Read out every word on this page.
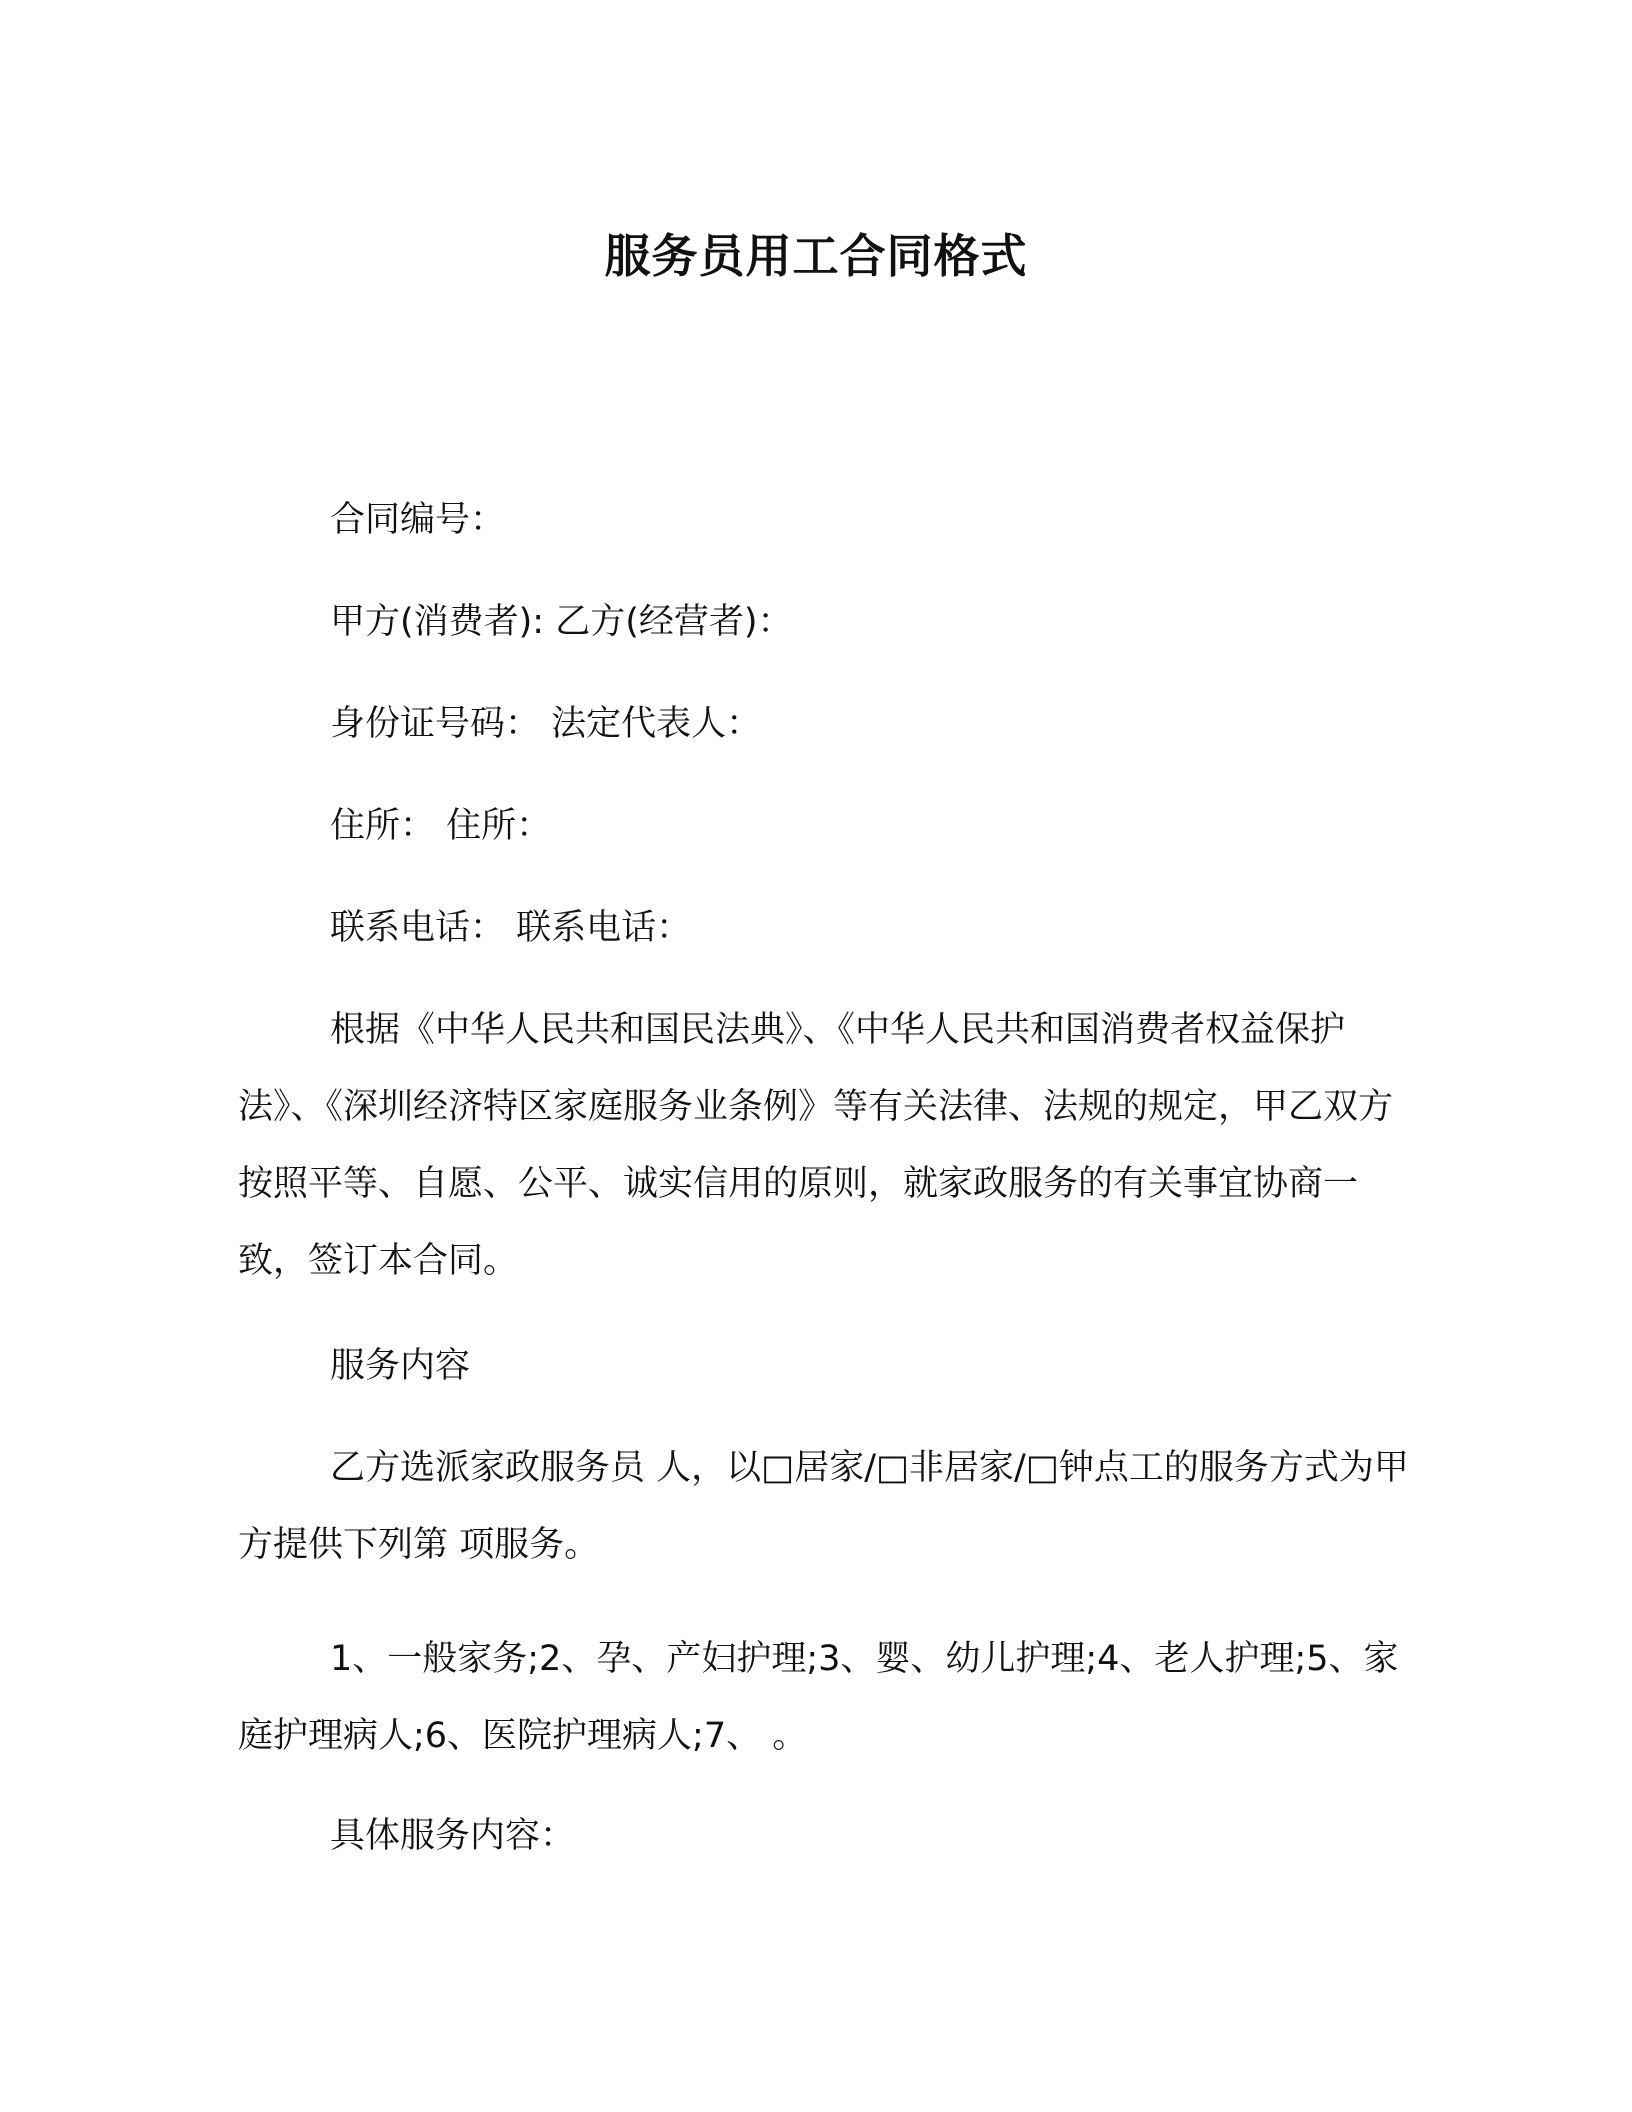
服务员用工合同格式

合同编号：

甲方(消费者): 乙方(经营者)：

身份证号码： 法定代表人：

住所： 住所：

联系电话： 联系电话：

根据《中华人民共和国民法典》、《中华人民共和国消费者权益保护法》、《深圳经济特区家庭服务业条例》等有关法律、法规的规定，甲乙双方按照平等、自愿、公平、诚实信用的原则，就家政服务的有关事宜协商一致，签订本合同。

服务内容

乙方选派家政服务员 人，以□居家/□非居家/□钟点工的服务方式为甲方提供下列第 项服务。

1、一般家务;2、孕、产妇护理;3、婴、幼儿护理;4、老人护理;5、家庭护理病人;6、医院护理病人;7、 。

具体服务内容：
